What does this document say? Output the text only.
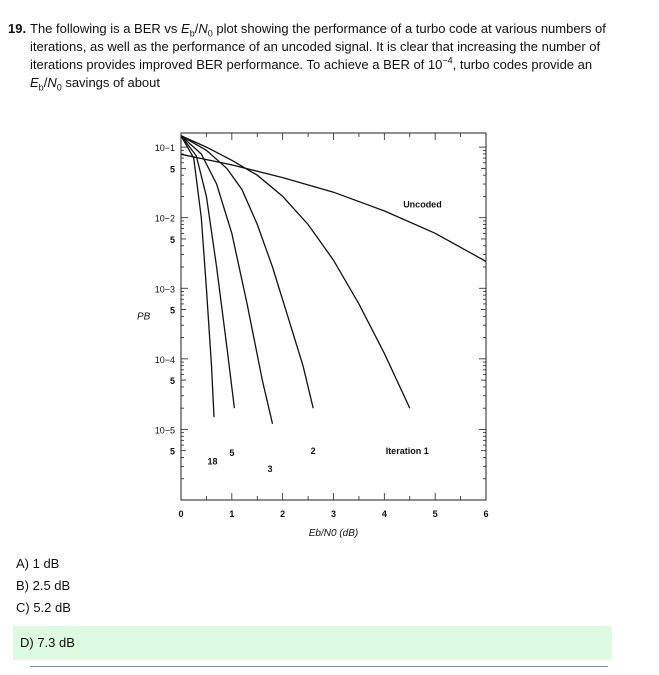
19. The following is a BER vs $E_b/N_0$ plot showing the performance of a turbo code at various numbers of iterations, as well as the performance of an uncoded signal. It is clear that increasing the number of iterations provides improved BER performance. To achieve a BER of $10^{-4}$, turbo codes provide an $E_b/N_0$ savings of about
10−1
5
10−2
5
10−3
5
10−4
5
10−5
5
0	1	2	3	4	5	6
Eb/N0 (dB)
PB
Uncoded
Iteration 1
2
3
5
18
A) 1 dB
B) 2.5 dB
C) 5.2 dB
D) 7.3 dB
